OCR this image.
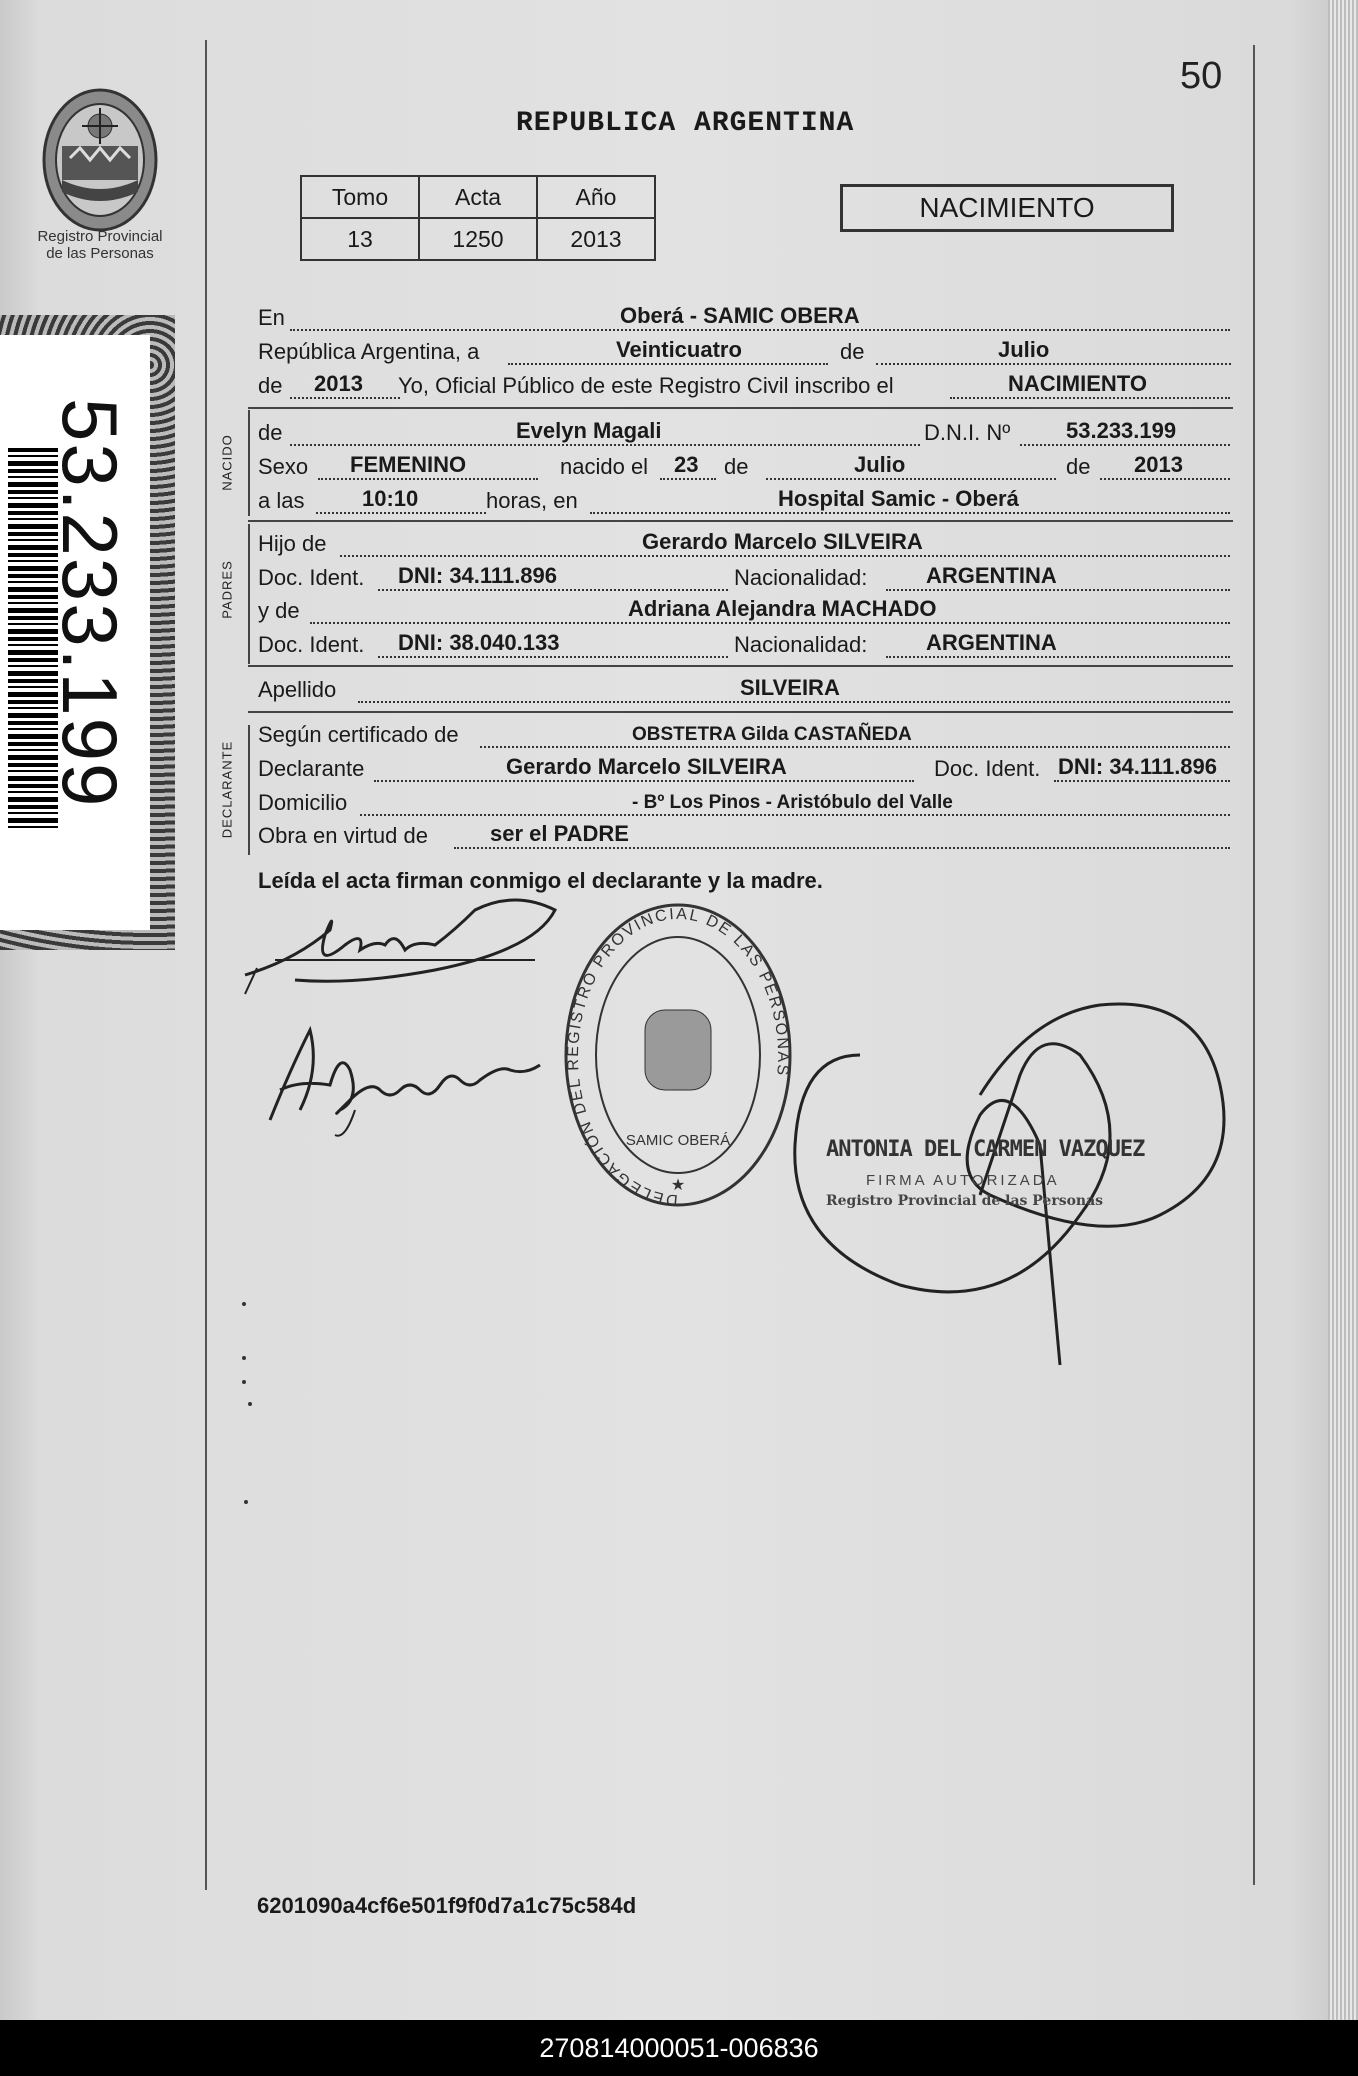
Registro Provincial
de las Personas
53.233.199
50
REPUBLICA ARGENTINA
Tomo	Acta	Año
13	1250	2013
NACIMIENTO
En	Oberá - SAMIC OBERA
República Argentina, a	Veinticuatro	de	Julio
de 2013 Yo, Oficial Público de este Registro Civil inscribo el	NACIMIENTO
NACIDO
de	Evelyn Magali	D.N.I. Nº	53.233.199
Sexo FEMENINO	nacido el 23 de	Julio	de 2013
a las	10:10	horas, en	Hospital Samic - Oberá
PADRES
Hijo de	Gerardo Marcelo SILVEIRA
Doc. Ident. DNI: 34.111.896	Nacionalidad:	ARGENTINA
y de	Adriana Alejandra MACHADO
Doc. Ident. DNI: 38.040.133	Nacionalidad:	ARGENTINA
Apellido	SILVEIRA
DECLARANTE
Según certificado de	OBSTETRA Gilda CASTAÑEDA
Declarante	Gerardo Marcelo SILVEIRA	Doc. Ident. DNI: 34.111.896
Domicilio	- Bº Los Pinos - Aristóbulo del Valle
Obra en virtud de	ser el PADRE
Leída el acta firman conmigo el declarante y la madre.
DELEGACIÓN DEL REGISTRO PROVINCIAL DE LAS PERSONAS
SAMIC OBERÁ
★
ANTONIA DEL CARMEN VAZQUEZ
FIRMA AUTORIZADA
Registro Provincial de las Personas
6201090a4cf6e501f9f0d7a1c75c584d
270814000051-006836
